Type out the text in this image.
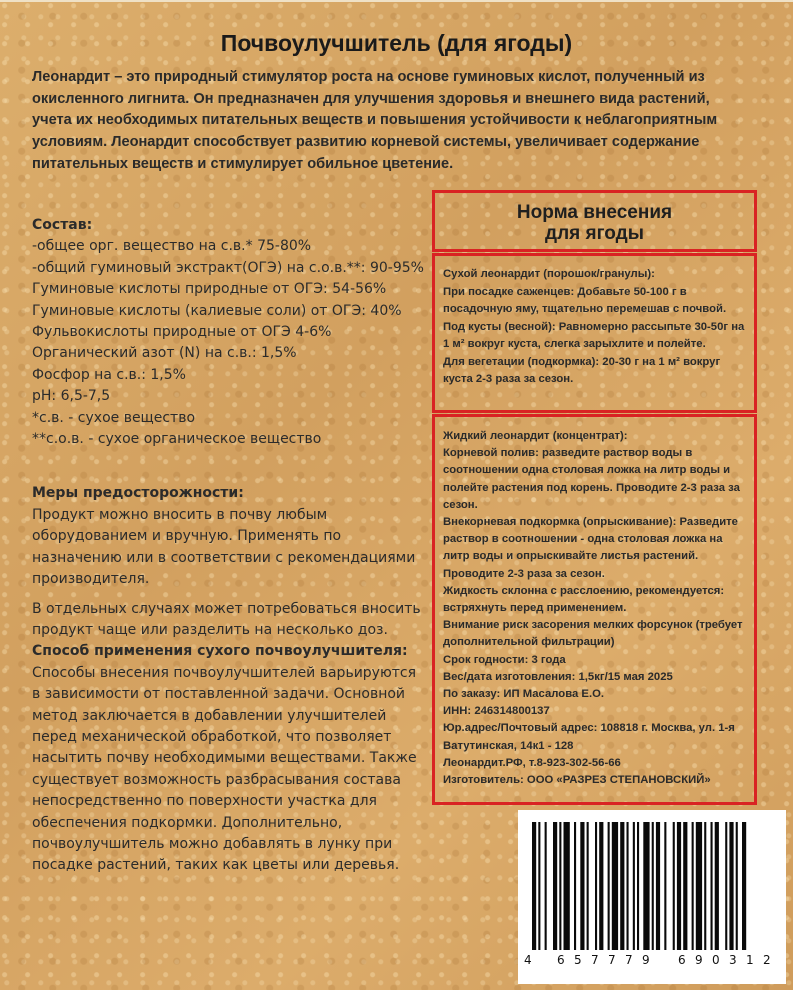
Почвоулучшитель (для ягоды)
Леонардит – это природный стимулятор роста на основе гуминовых кислот, полученный из окисленного лигнита. Он предназначен для улучшения здоровья и внешнего вида растений, учета их необходимых питательных веществ и повышения устойчивости к неблагоприятным условиям. Леонардит способствует развитию корневой системы, увеличивает содержание питательных веществ и стимулирует обильное цветение.

Состав:

-общее орг. вещество на с.в.* 75-80%

-общий гуминовый экстракт(ОГЭ) на с.о.в.**: 90-95%

Гуминовые кислоты природные от ОГЭ: 54-56%

Гуминовые кислоты (калиевые соли) от ОГЭ: 40%

Фульвокислоты природные от ОГЭ 4-6%

Органический азот (N) на с.в.: 1,5%

Фосфор на с.в.: 1,5%

pH: 6,5-7,5

*с.в. - сухое вещество

**с.о.в. - сухое органическое вещество

Меры предосторожности:

Продукт можно вносить в почву любым оборудованием и вручную. Применять по назначению или в соответствии с рекомендациями производителя.

В отдельных случаях может потребоваться вносить продукт чаще или разделить на несколько доз.

Способ применения сухого почвоулучшителя:

Способы внесения почвоулучшителей варьируются в зависимости от поставленной задачи. Основной метод заключается в добавлении улучшителей перед механической обработкой, что позволяет насытить почву необходимыми веществами. Также существует возможность разбрасывания состава непосредственно по поверхности участка для обеспечения подкормки. Дополнительно, почвоулучшитель можно добавлять в лунку при посадке растений, таких как цветы или деревья.

Норма внесения
для ягоды

Сухой леонардит (порошок/гранулы):

При посадке саженцев: Добавьте 50-100 г в посадочную яму, тщательно перемешав с почвой.

Под кусты (весной): Равномерно рассыпьте 30-50г на 1 м² вокруг куста, слегка зарыхлите и полейте.

Для вегетации (подкормка): 20-30 г на 1 м² вокруг куста 2-3 раза за сезон.

Жидкий леонардит (концентрат):

Корневой полив: разведите раствор воды в соотношении одна столовая ложка на литр воды и полейте растения под корень. Проводите 2-3 раза за сезон.

Внекорневая подкормка (опрыскивание): Разведите раствор в соотношении - одна столовая ложка на литр воды и опрыскивайте листья растений. Проводите 2-3 раза за сезон.

Жидкость склонна с расслоению, рекомендуется: встряхнуть перед применением.

Внимание риск засорения мелких форсунок (требует дополнительной фильтрации)

Срок годности: 3 года

Вес/дата изготовления: 1,5кг/15 мая 2025

По заказу: ИП Масалова Е.О.

ИНН: 246314800137

Юр.адрес/Почтовый адрес: 108818 г. Москва, ул. 1-я Ватутинская, 14к1 - 128

Леонардит.РФ, т.8-923-302-56-66

Изготовитель: ООО «РАЗРЕЗ СТЕПАНОВСКИЙ»

4 6 5 7 7 7 9 6 9 0 3 1 2
